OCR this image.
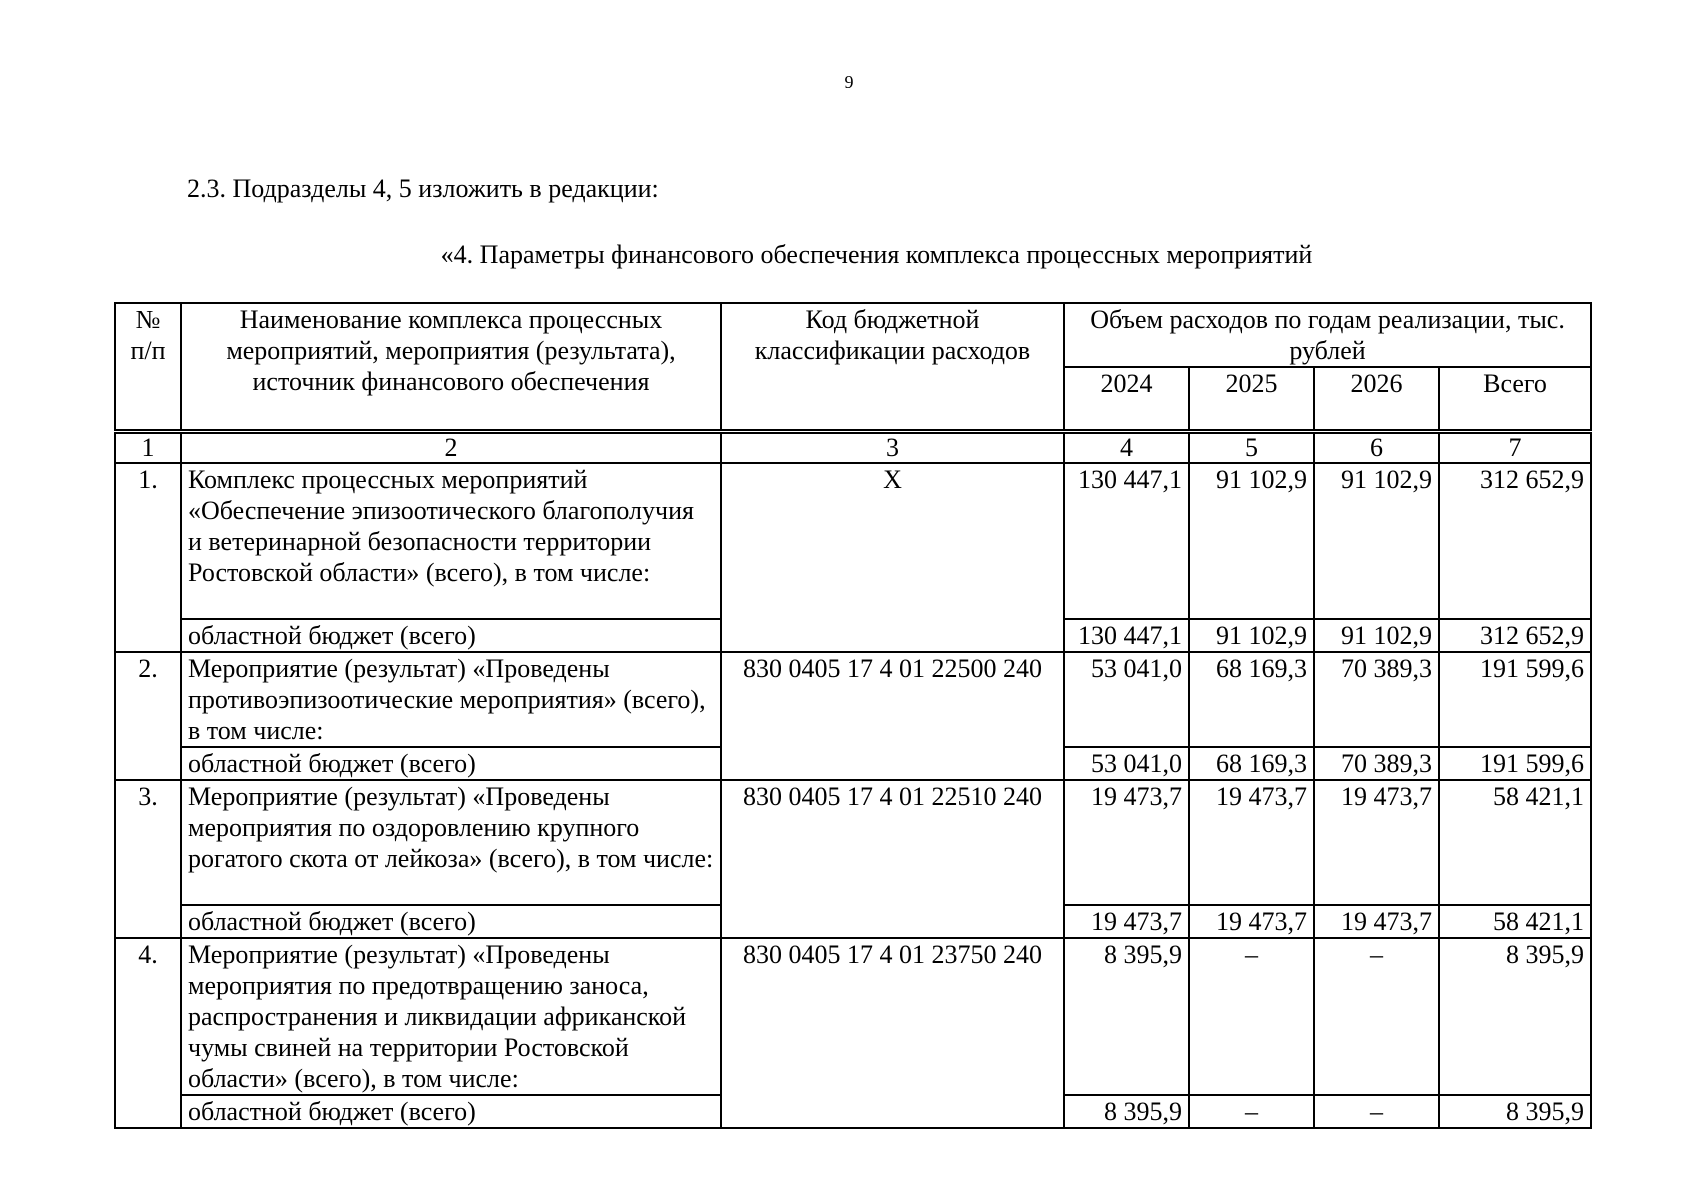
9
2.3. Подразделы 4, 5 изложить в редакции:
«4. Параметры финансового обеспечения комплекса процессных мероприятий
№ п/п	Наименование комплекса процессных мероприятий, мероприятия (результата), источник финансового обеспечения	Код бюджетной классификации расходов	Объем расходов по годам реализации, тыс. рублей			
			2024	2025	2026	Всего
1	2	3	4	5	6	7
1.	Комплекс процессных мероприятий «Обеспечение эпизоотического благополучия и ветеринарной безопасности территории Ростовской области» (всего), в том числе:	Х	130 447,1	91 102,9	91 102,9	312 652,9
	областной бюджет (всего)		130 447,1	91 102,9	91 102,9	312 652,9
2.	Мероприятие (результат) «Проведены противоэпизоотические мероприятия» (всего), в том числе:	830 0405 17 4 01 22500 240	53 041,0	68 169,3	70 389,3	191 599,6
	областной бюджет (всего)		53 041,0	68 169,3	70 389,3	191 599,6
3.	Мероприятие (результат) «Проведены мероприятия по оздоровлению крупного рогатого скота от лейкоза» (всего), в том числе:	830 0405 17 4 01 22510 240	19 473,7	19 473,7	19 473,7	58 421,1
	областной бюджет (всего)		19 473,7	19 473,7	19 473,7	58 421,1
4.	Мероприятие (результат) «Проведены мероприятия по предотвращению заноса, распространения и ликвидации африканской чумы свиней на территории Ростовской области» (всего), в том числе:	830 0405 17 4 01 23750 240	8 395,9	–	–	8 395,9
	областной бюджет (всего)		8 395,9	–	–	8 395,9
